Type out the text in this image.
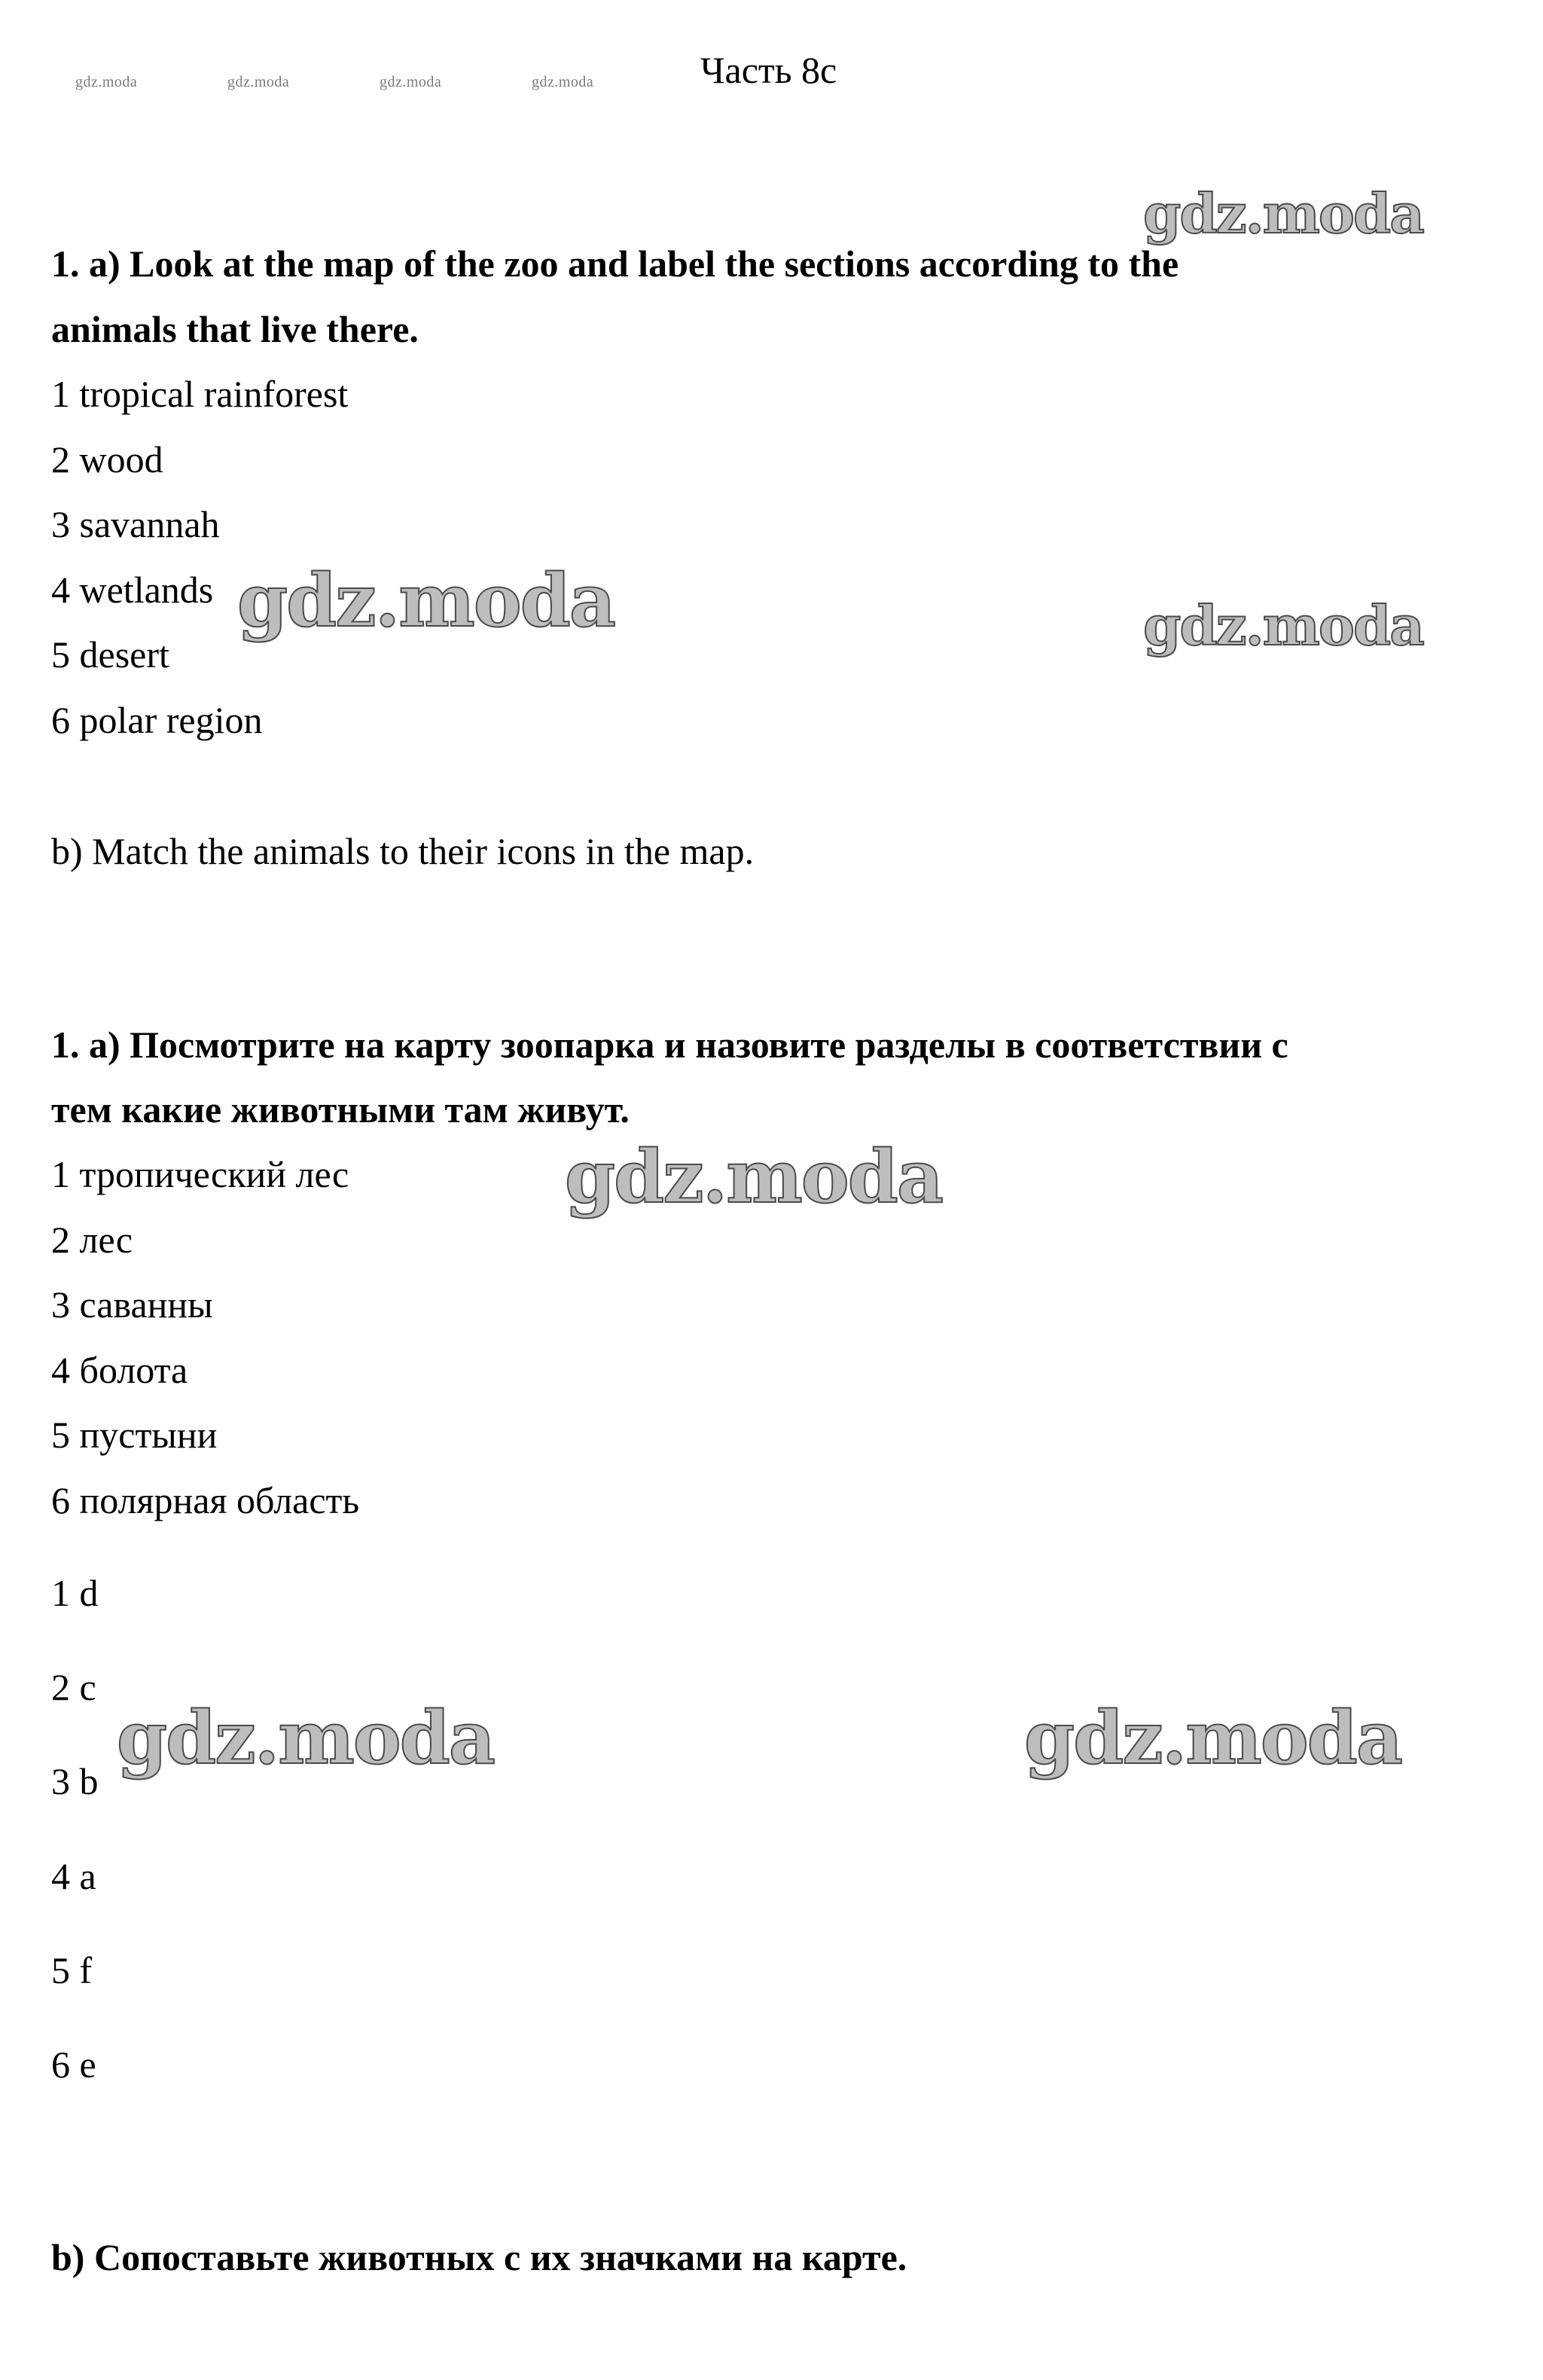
gdz.moda	gdz.moda	gdz.moda	gdz.moda	Часть 8с
gdz.moda
gdz.moda	gdz.moda
gdz.moda
gdz.moda	gdz.moda
1. a) Look at the map of the zoo and label the sections according to the
animals that live there.
1 tropical rainforest
2 wood
3 savannah
4 wetlands
5 desert
6 polar region
b) Match the animals to their icons in the map.
1. а) Посмотрите на карту зоопарка и назовите разделы в соответствии с
тем какие животными там живут.
1 тропический лес
2 лес
3 саванны
4 болота
5 пустыни
6 полярная область
1 d
2 c
3 b
4 a
5 f
6 e
b) Сопоставьте животных с их значками на карте.
